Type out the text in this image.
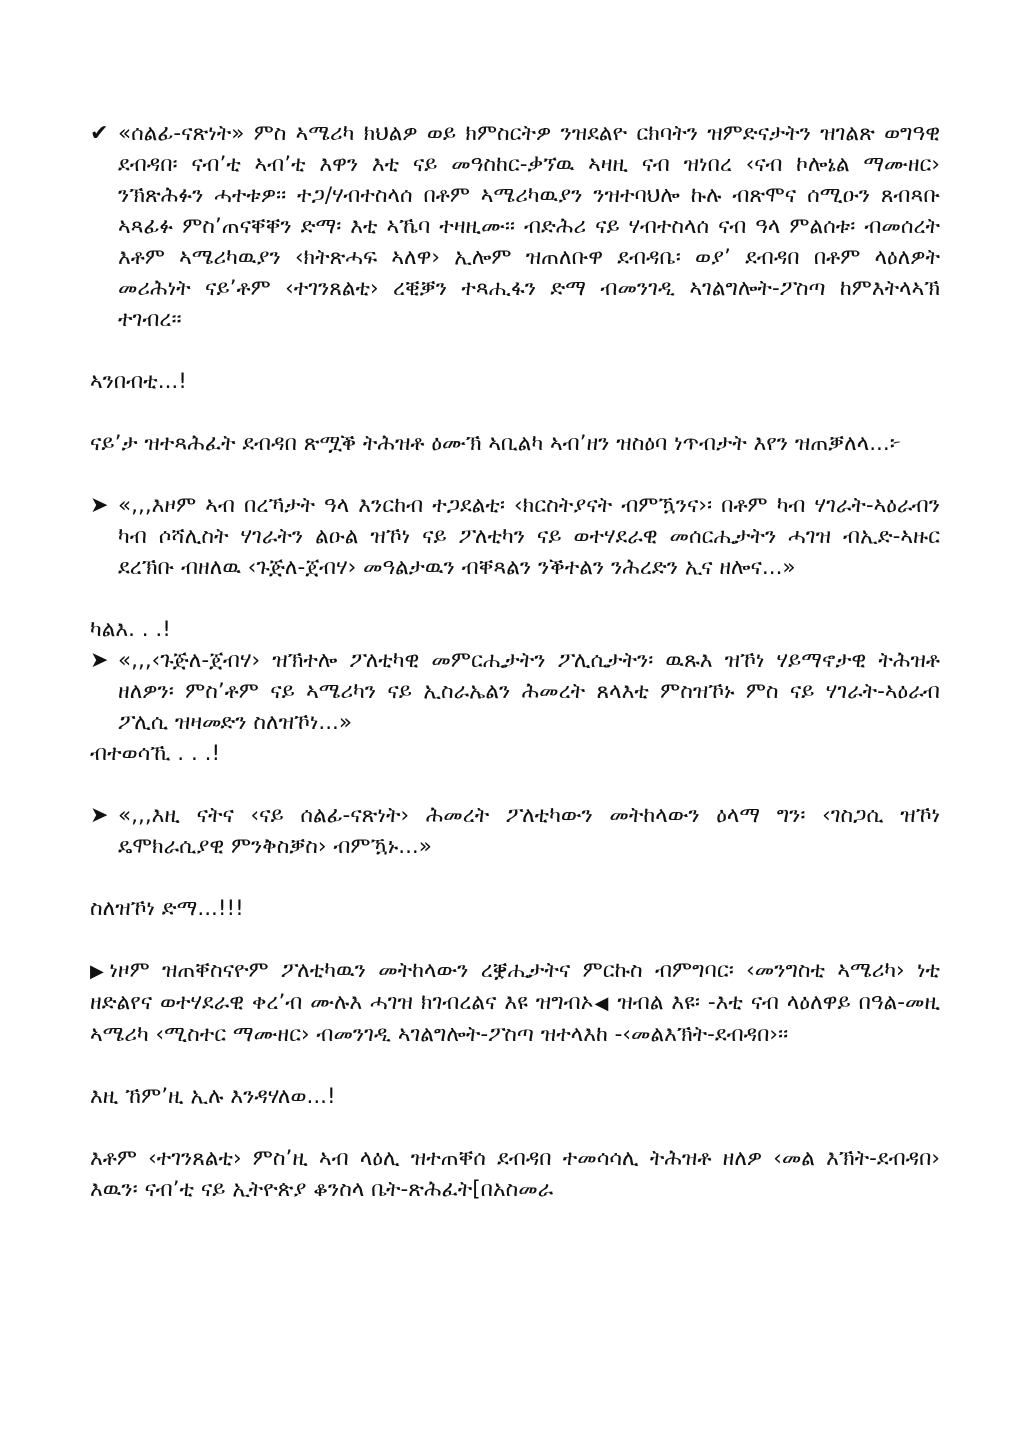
✔ «ሰልፊ-ናጽነት» ምስ ኣሜሪካ ክህልዎ ወይ ክምስርትዎ ንዝደልዮ ርክባትን ዝምድናታትን ዝገልጽ ወግዓዊ ደብዳበ፡ ናብ’ቲ ኣብ’ቲ እዋን እቲ ናይ መዓስከር-ቃኘዉ ኣዛዚ ናብ ዝነበረ ‹ናብ ኮሎኔል ማሙዘር› ንኽጽሕፉን ሓተቱዎ፡፡ ተጋ/ሃብተስላሰ በቶም ኣሜሪካዉያን ንዝተባህሎ ኩሉ ብጽሞና ሰሚዑን ጸብጻቡ ኣጻፊፉ ምስ’ጠናቐቐን ድማ፡ እቲ ኣኼባ ተዛዚሙ፡፡ ብድሕሪ ናይ ሃብተስላሰ ናብ ዓላ ምልሰቱ፡ ብመሰረት እቶም ኣሜሪካዉያን ‹ክትጽሓፍ ኣለዋ› ኢሎም ዝጠለቡዋ ደብዳቤ፡ ወያ’ ደብዳበ በቶም ላዕለዎት መሪሕነት ናይ’ቶም ‹ተገንጸልቲ› ረቒቓን ተጻሒፋን ድማ ብመንገዲ ኣገልግሎት-ፖስጣ ከምእትላኣኽ ተገብረ፡፡

ኣንበብቲ...!

ናይ’ታ ዝተጻሕፈት ደብዳበ ጽሟቕ ትሕዝቶ ዕሙኽ ኣቢልካ ኣብ’ዘን ዝስዕባ ነጥብታት እየን ዝጠቓለላ...፦

➤ «,,,እዞም ኣብ በረኻታት ዓላ እንርከብ ተጋደልቲ፡ ‹ክርስትያናት ብምዃንና›፡ በቶም ካብ ሃገራት-ኣዕራብን ካብ ሶሻሊስት ሃገራትን ልዑል ዝኾነ ናይ ፖለቲካን ናይ ወተሃደራዊ መሰርሒታትን ሓገዝ ብኢድ-ኣዙር ደረኽቡ ብዘለዉ ‹ጉጅለ-ጀብሃ› መዓልታዉን ብቐጻልን ንቕተልን ንሕረድን ኢና ዘሎና...»

ካልእ. . .!

➤ «,,,‹ጉጅለ-ጀብሃ› ዝኽተሎ ፖለቲካዊ መምርሒታትን ፖሊሲታትን፡ ዉጹእ ዝኾነ ሃይማኖታዊ ትሕዝቶ ዘለዎን፡ ምስ’ቶም ናይ ኣሜሪካን ናይ ኢስራኤልን ሕመረት ጸላእቲ ምስዝኾኑ ምስ ናይ ሃገራት-ኣዕራብ ፖሊሲ ዝዛመድን ስለዝኾነ...»

ብተወሳኺ . . .!

➤ «,,,እዚ ናትና ‹ናይ ሰልፊ-ናጽነት› ሕመረት ፖለቲካውን መትከላውን ዕላማ ግን፡ ‹ገስጋሲ ዝኾነ ዴሞክራሲያዊ ምንቅስቓስ› ብምዃኑ...»

ስለዝኾነ ድማ...!!!

▶ነዞም ዝጠቐስናዮም ፖለቲካዉን መትከላውን ረቛሒታትና ምርኩስ ብምግባር፡ ‹መንግስቲ ኣሜሪካ› ነቲ ዘድልየና ወተሃደራዊ ቀረ’ብ ሙሉእ ሓገዝ ክገብረልና እዩ ዝግብኦ◀ ዝብል እዩ፡ -እቲ ናብ ላዕለዋይ በዓል-መዚ ኣሜሪካ ‹ሚስተር ማሙዘር› ብመንገዲ ኣገልግሎት-ፖስጣ ዝተላእከ -‹መልእኽት-ደብዳበ›፡፡

እዚ ኸም’ዚ ኢሉ እንዳሃለወ...!

እቶም ‹ተገንጸልቲ› ምስ’ዚ ኣብ ላዕሊ ዝተጠቐሰ ደብዳበ ተመሳሳሊ ትሕዝቶ ዘለዎ ‹መል እኽት-ደብዳበ› እዉን፡ ናብ’ቲ ናይ ኢትዮጵያ ቆንስላ ቤት-ጽሕፈት[በአስመራ
